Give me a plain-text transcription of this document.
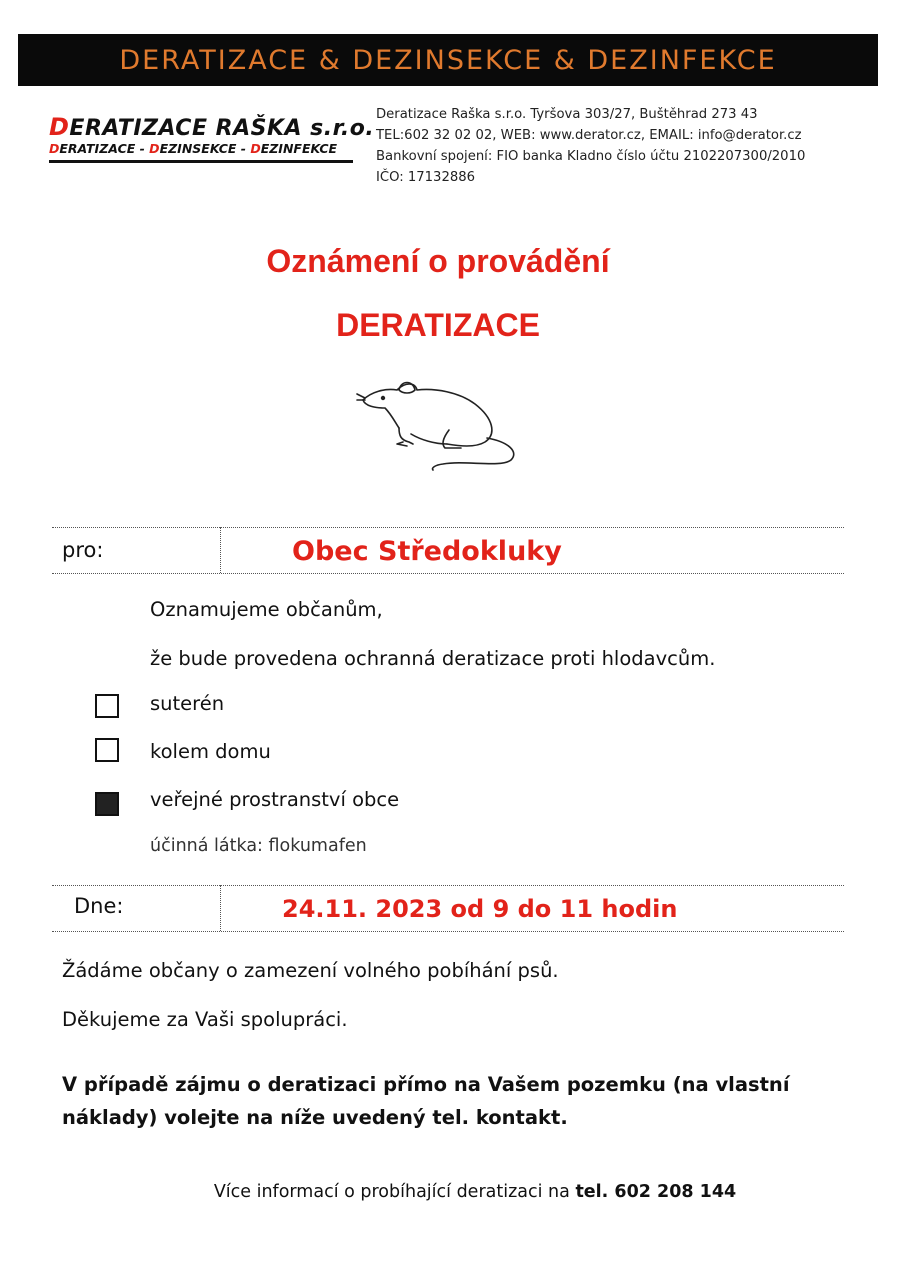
DERATIZACE & DEZINSEKCE & DEZINFEKCE
DERATIZACE RAŠKA s.r.o.
DERATIZACE - DEZINSEKCE - DEZINFEKCE
Deratizace Raška s.r.o. Tyršova 303/27, Buštěhrad 273 43
TEL:602 32 02 02, WEB: www.derator.cz, EMAIL: info@derator.cz
Bankovní spojení: FIO banka Kladno číslo účtu 2102207300/2010
IČO: 17132886
Oznámení o provádění
DERATIZACE
pro:	Obec Středokluky
Oznamujeme občanům,
že bude provedena ochranná deratizace proti hlodavcům.
suterén
kolem domu
veřejné prostranství obce
účinná látka: flokumafen
Dne:	24.11. 2023 od 9 do 11 hodin
Žádáme občany o zamezení volného pobíhání psů.
Děkujeme za Vaši spolupráci.
V případě zájmu o deratizaci přímo na Vašem pozemku (na vlastní náklady) volejte na níže uvedený tel. kontakt.
Více informací o probíhající deratizaci na tel. 602 208 144
